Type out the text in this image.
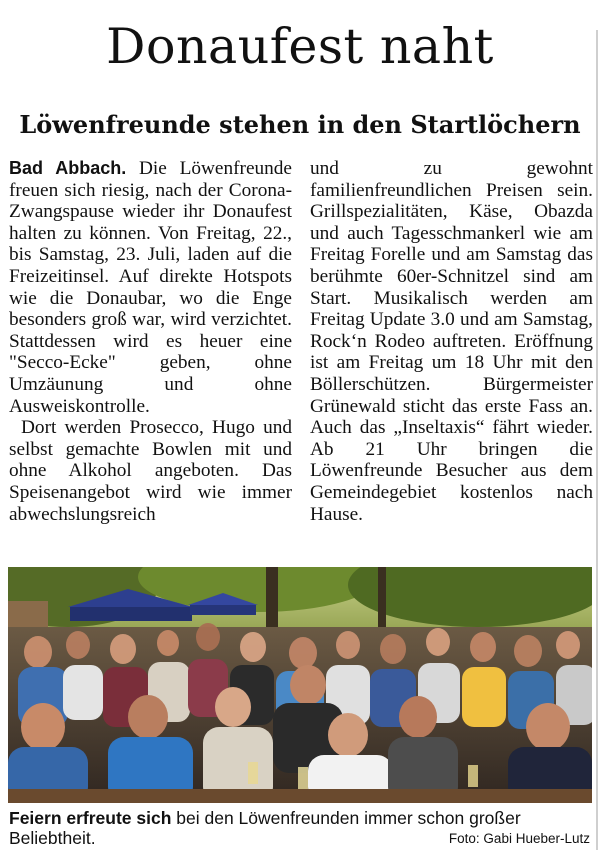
Donaufest naht
Löwenfreunde stehen in den Startlöchern

Bad Abbach. Die Löwenfreunde freuen sich riesig, nach der Corona-Zwangspause wieder ihr Donaufest halten zu können. Von Freitag, 22., bis Samstag, 23. Juli, laden auf die Freizeitinsel. Auf direkte Hotspots wie die Donaubar, wo die Enge besonders groß war, wird verzichtet. Stattdessen wird es heuer eine "Secco-Ecke" geben, ohne Umzäunung und ohne Ausweiskontrolle.

Dort werden Prosecco, Hugo und selbst gemachte Bowlen mit und ohne Alkohol angeboten. Das Speisenangebot wird wie immer abwechslungsreich

und zu gewohnt familienfreundlichen Preisen sein. Grillspezialitäten, Käse, Obazda und auch Tagesschmankerl wie am Freitag Forelle und am Samstag das berühmte 60er-Schnitzel sind am Start. Musikalisch werden am Freitag Update 3.0 und am Samstag, Rock‘n Rodeo auftreten. Eröffnung ist am Freitag um 18 Uhr mit den Böllerschützen. Bürgermeister Grünewald sticht das erste Fass an. Auch das „Inseltaxis“ fährt wieder. Ab 21 Uhr bringen die Löwenfreunde Besucher aus dem Gemeindegebiet kostenlos nach Hause.

Feiern erfreute sich bei den Löwenfreunden immer schon großer Beliebtheit.	Foto: Gabi Hueber-Lutz
